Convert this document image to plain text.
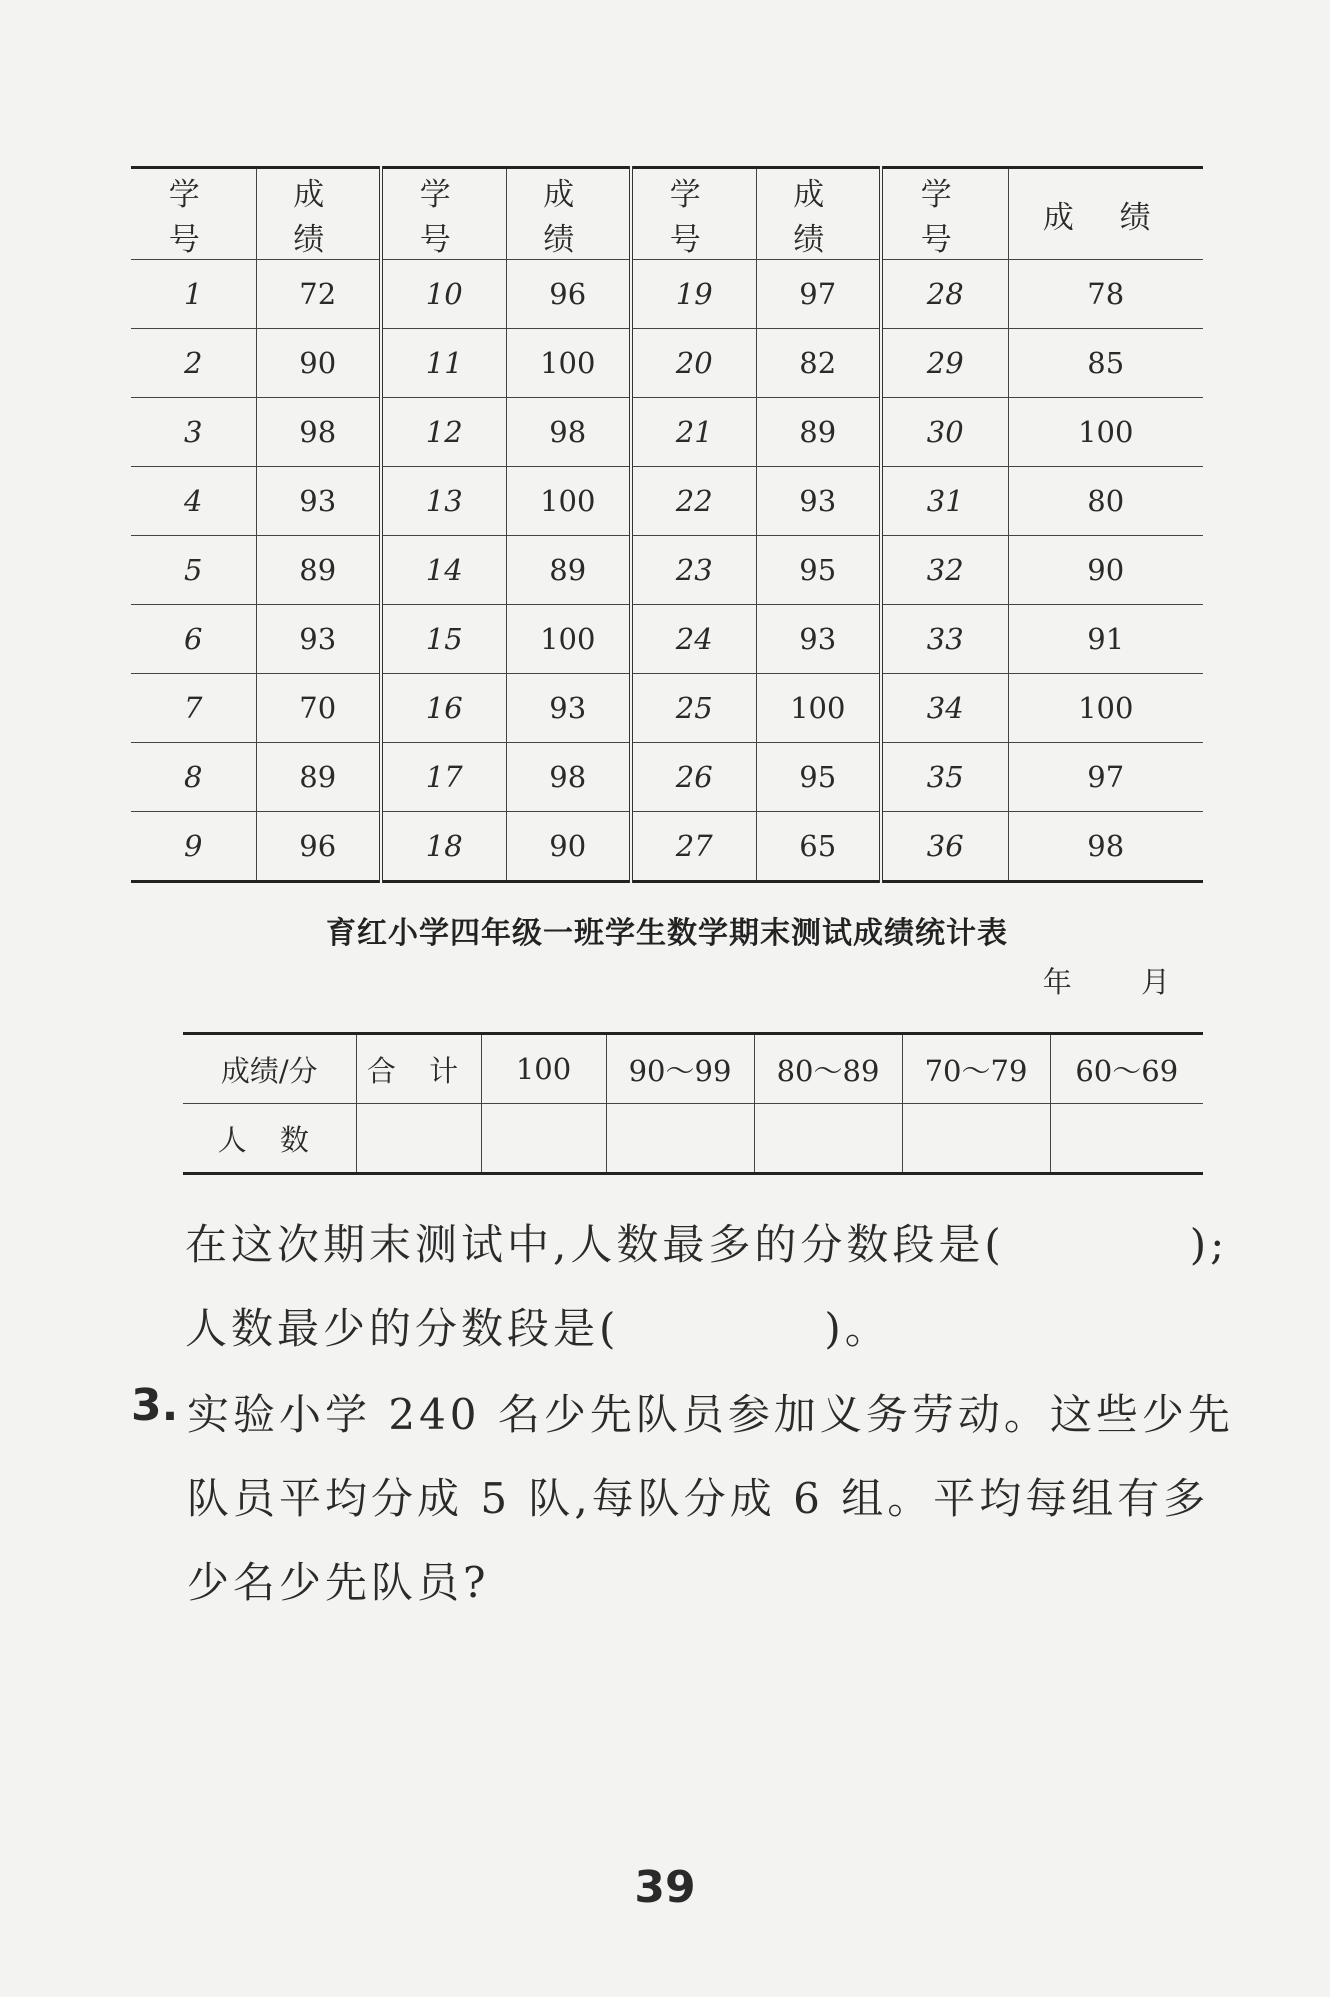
学 号	成 绩	学 号	成 绩	学 号	成 绩	学 号	成 绩
1	72	10	96	19	97	28	78
2	90	11	100	20	82	29	85
3	98	12	98	21	89	30	100
4	93	13	100	22	93	31	80
5	89	14	89	23	95	32	90
6	93	15	100	24	93	33	91
7	70	16	93	25	100	34	100
8	89	17	98	26	95	35	97
9	96	18	90	27	65	36	98
育红小学四年级一班学生数学期末测试成绩统计表
年 月
成绩/分	合 计	100	90～99	80～89	70～79	60～69
人 数						
在这次期末测试中,人数最多的分数段是(	);
人数最少的分数段是(	)。
3. 实验小学 240 名少先队员参加义务劳动。这些少先
队员平均分成 5 队,每队分成 6 组。平均每组有多
少名少先队员?
39
